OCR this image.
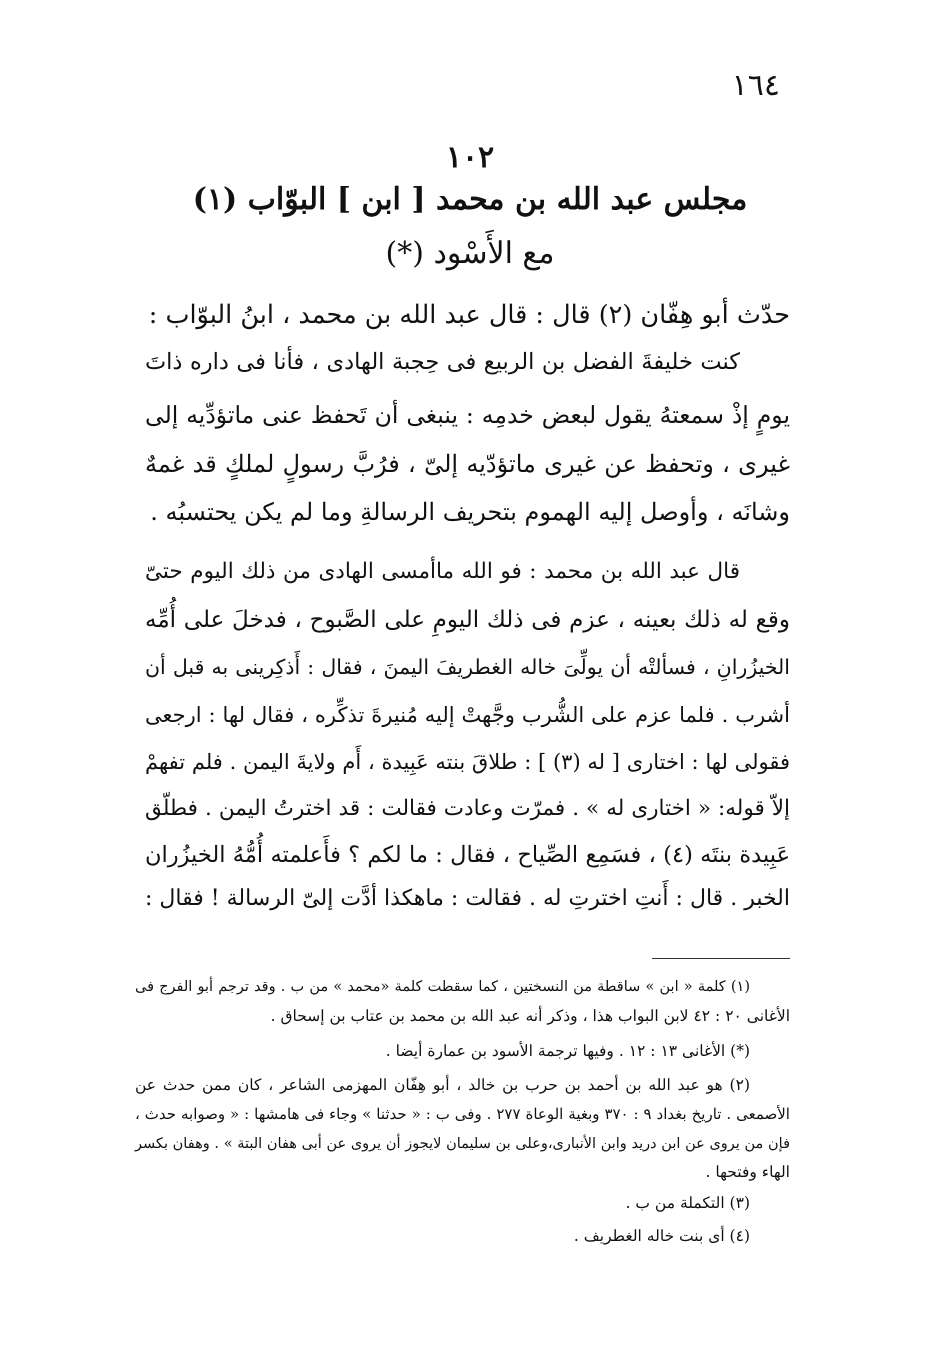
١٦٤
١٠٢
مجلس عبد الله بن محمد [ ابن ] البوّاب (١)
مع الأَسْود (*)
حدّث أبو هِفّان (٢) قال : قال عبد الله بن محمد ، ابنُ البوّاب :
كنت خليفةَ الفضل بن الربيع فى حِجبة الهادى ، فأنا فى داره ذاتَ
يومٍ إذْ سمعتهُ يقول لبعض خدمِه : ينبغى أن تَحفظ عنى ماتؤدِّيه إلى
غيرى ، وتحفظ عن غيرى ماتؤدّيه إلىّ ، فرُبَّ رسولٍ لملكٍ قد غمهٌ
وشانَه ، وأوصل إليه الهموم بتحريف الرسالةِ وما لم يكن يحتسبُه .
قال عبد الله بن محمد : فو الله ماأمسى الهادى من ذلك اليوم حتىّ
وقع له ذلك بعينه ، عزم فى ذلك اليومِ على الصَّبوح ، فدخلَ على أُمِّه
الخيزُرانِ ، فسألتْه أن يولِّىَ خاله الغطريفَ اليمنَ ، فقال : أَذكِرينى به قبل أن
أشرب . فلما عزم على الشُّرب وجَّهتْ إليه مُنيرةَ تذكِّره ، فقال لها : ارجعى
فقولى لها : اختارى [ له (٣) ] : طلاقَ بنته عَبِيدة ، أَم ولايةَ اليمن . فلم تفهمْ
إلاّ قوله: « اختارى له » . فمرّت وعادت فقالت : قد اخترتُ اليمن . فطلّق
عَبِيدة بنتَه (٤) ، فسَمِع الصِّياح ، فقال : ما لكم ؟ فأَعلمته أُمُّهُ الخيزُران
الخبر . قال : أَنتِ اخترتِ له . فقالت : ماهكذا أدَّت إلىّ الرسالة ! فقال :
(١) كلمة « ابن » ساقطة من النسختين ، كما سقطت كلمة «محمد » من ب . وقد ترجم أبو الفرج فى
الأغانى ٢٠ : ٤٢ لابن البواب هذا ، وذكر أنه عبد الله بن محمد بن عتاب بن إسحاق .
(*) الأغانى ١٣ : ١٢ . وفيها ترجمة الأسود بن عمارة أيضا .
(٢) هو عبد الله بن أحمد بن حرب بن خالد ، أبو هِفّان المهزمى الشاعر ، كان ممن حدث عن
الأصمعى . تاريخ بغداد ٩ : ٣٧٠ وبغية الوعاة ٢٧٧ . وفى ب : « حدثنا » وجاء فى هامشها : « وصوابه حدث ،
فإن من يروى عن ابن دريد وابن الأنبارى،وعلى بن سليمان لايجوز أن يروى عن أبى هفان البتة » . وهفان بكسر
الهاء وفتحها .
(٣) التكملة من ب .
(٤) أى بنت خاله الغطريف .
